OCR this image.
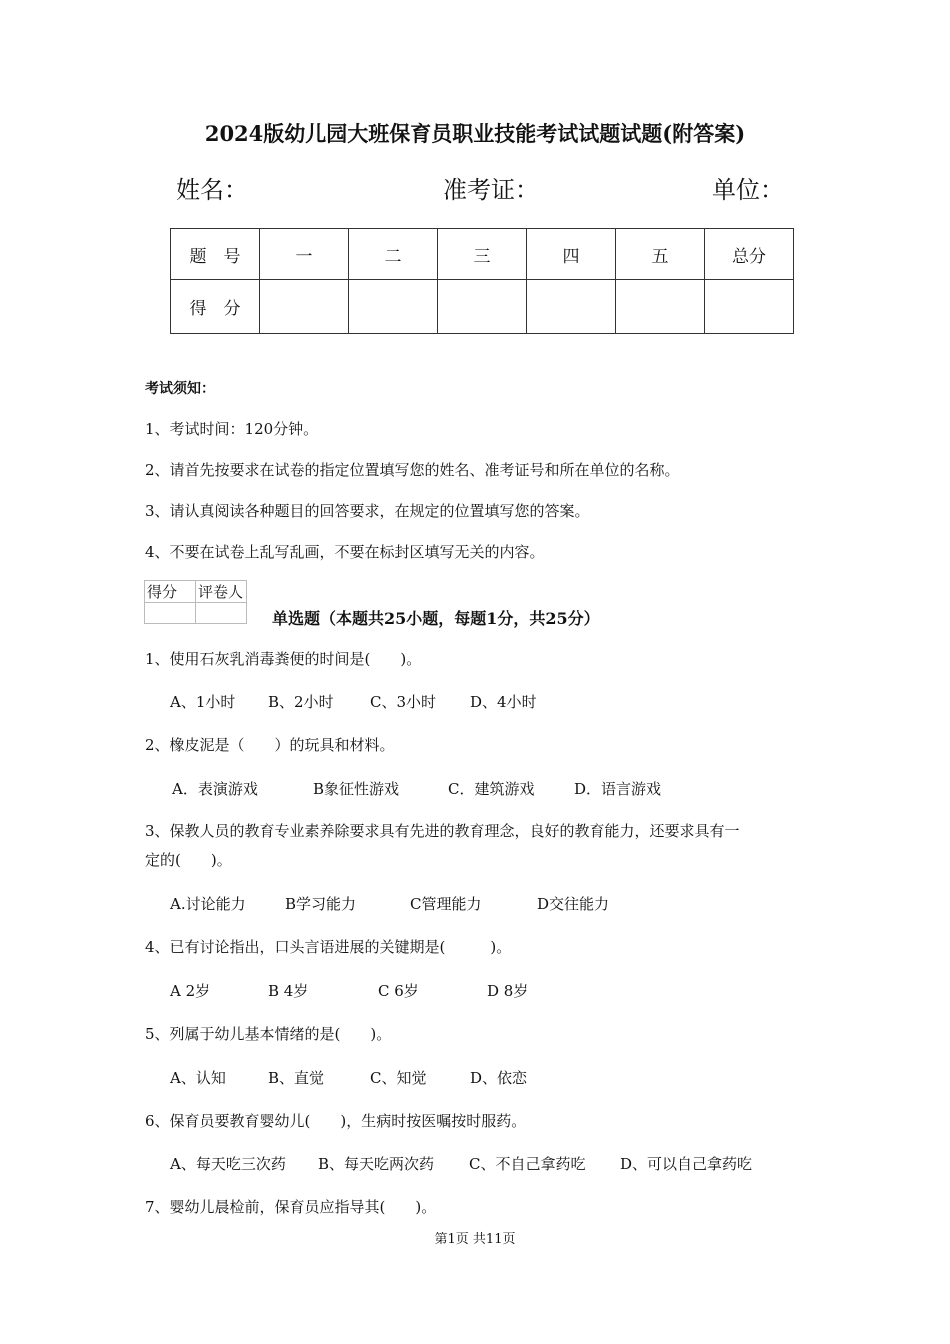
2024版幼儿园大班保育员职业技能考试试题试题(附答案)
姓名：	准考证：	单位：
题　号	一	二	三	四	五	总分
得　分						
考试须知：
1、考试时间：120分钟。
2、请首先按要求在试卷的指定位置填写您的姓名、准考证号和所在单位的名称。
3、请认真阅读各种题目的回答要求，在规定的位置填写您的答案。
4、不要在试卷上乱写乱画，不要在标封区填写无关的内容。
得分	评卷人

单选题（本题共25小题，每题1分，共25分）
1、使用石灰乳消毒粪便的时间是(　　)。
A、1小时 B、2小时 C、3小时 D、4小时
2、橡皮泥是（　　）的玩具和材料。
A．表演游戏	B象征性游戏	C．建筑游戏	D．语言游戏
3、保教人员的教育专业素养除要求具有先进的教育理念，良好的教育能力，还要求具有一
定的(　　)。
A.讨论能力	B学习能力	C管理能力	D交往能力
4、已有讨论指出，口头言语进展的关键期是(　　　)。
A 2岁	B 4岁	C 6岁	D 8岁
5、列属于幼儿基本情绪的是(　　)。
A、认知	B、直觉	C、知觉	D、依恋
6、保育员要教育婴幼儿(　　)，生病时按医嘱按时服药。
A、每天吃三次药 B、每天吃两次药 C、不自己拿药吃 D、可以自己拿药吃
7、婴幼儿晨检前，保育员应指导其(　　)。
第1页 共11页
